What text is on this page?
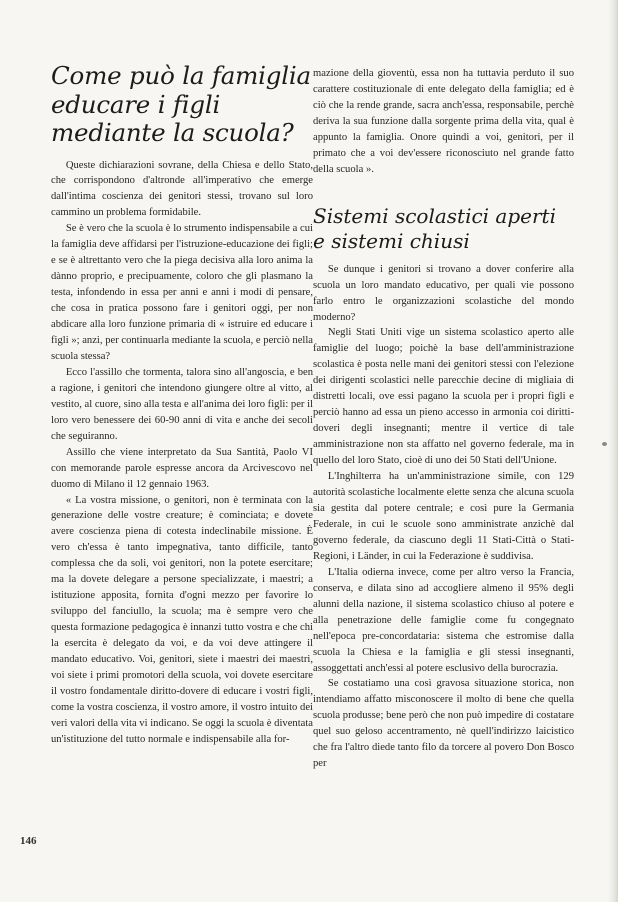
Come può la famiglia educare i figli mediante la scuola?

Queste dichiarazioni sovrane, della Chiesa e dello Stato, che corrispondono d'altronde all'imperativo che emerge dall'intima coscienza dei genitori stessi, trovano sul loro cammino un problema formidabile.

Se è vero che la scuola è lo strumento indispensabile a cui la famiglia deve affidarsi per l'istruzione-educazione dei figli; e se è altrettanto vero che la piega decisiva alla loro anima la dànno proprio, e precipuamente, coloro che gli plasmano la testa, infondendo in essa per anni e anni i modi di pensare, che cosa in pratica possono fare i genitori oggi, per non abdicare alla loro funzione primaria di « istruire ed educare i figli »; anzi, per continuarla mediante la scuola, e perciò nella scuola stessa?

Ecco l'assillo che tormenta, talora sino all'angoscia, e ben a ragione, i genitori che intendono giungere oltre al vitto, al vestito, al cuore, sino alla testa e all'anima dei loro figli: per il loro vero benessere dei 60-90 anni di vita e anche dei secoli che seguiranno.

Assillo che viene interpretato da Sua Santità, Paolo VI con memorande parole espresse ancora da Arcivescovo nel duomo di Milano il 12 gennaio 1963.

« La vostra missione, o genitori, non è terminata con la generazione delle vostre creature; è cominciata; e dovete avere coscienza piena di cotesta indeclinabile missione. È vero ch'essa è tanto impegnativa, tanto difficile, tanto complessa che da soli, voi genitori, non la potete esercitare; ma la dovete delegare a persone specializzate, i maestri; a istituzione apposita, fornita d'ogni mezzo per favorire lo sviluppo del fanciullo, la scuola; ma è sempre vero che questa formazione pedagogica è innanzi tutto vostra e che chi la esercita è delegato da voi, e da voi deve attingere il mandato educativo. Voi, genitori, siete i maestri dei maestri, voi siete i primi promotori della scuola, voi dovete esercitare il vostro fondamentale diritto-dovere di educare i vostri figli, come la vostra coscienza, il vostro amore, il vostro intuito dei veri valori della vita vi indicano. Se oggi la scuola è diventata un'istituzione del tutto normale e indispensabile alla for-

mazione della gioventù, essa non ha tuttavia perduto il suo carattere costituzionale di ente delegato della famiglia; ed è ciò che la rende grande, sacra anch'essa, responsabile, perchè deriva la sua funzione dalla sorgente prima della vita, qual è appunto la famiglia. Onore quindi a voi, genitori, per il primato che a voi dev'essere riconosciuto nel grande fatto della scuola ».

Sistemi scolastici aperti e sistemi chiusi

Se dunque i genitori si trovano a dover conferire alla scuola un loro mandato educativo, per quali vie possono farlo entro le organizzazioni scolastiche del mondo moderno?

Negli Stati Uniti vige un sistema scolastico aperto alle famiglie del luogo; poichè la base dell'amministrazione scolastica è posta nelle mani dei genitori stessi con l'elezione dei dirigenti scolastici nelle parecchie decine di migliaia di distretti locali, ove essi pagano la scuola per i propri figli e perciò hanno ad essa un pieno accesso in armonia coi diritti-doveri degli insegnanti; mentre il vertice di tale amministrazione non sta affatto nel governo federale, ma in quello del loro Stato, cioè di uno dei 50 Stati dell'Unione.

L'Inghilterra ha un'amministrazione simile, con 129 autorità scolastiche localmente elette senza che alcuna scuola sia gestita dal potere centrale; e così pure la Germania Federale, in cui le scuole sono amministrate anzichè dal governo federale, da ciascuno degli 11 Stati-Città o Stati-Regioni, i Länder, in cui la Federazione è suddivisa.

L'Italia odierna invece, come per altro verso la Francia, conserva, e dilata sino ad accogliere almeno il 95% degli alunni della nazione, il sistema scolastico chiuso al potere e alla penetrazione delle famiglie come fu congegnato nell'epoca pre-concordataria: sistema che estromise dalla scuola la Chiesa e la famiglia e gli stessi insegnanti, assoggettati anch'essi al potere esclusivo della burocrazia.

Se costatiamo una così gravosa situazione storica, non intendiamo affatto misconoscere il molto di bene che quella scuola produsse; bene però che non può impedire di costatare quel suo geloso accentramento, nè quell'indirizzo laicistico che fra l'altro diede tanto filo da torcere al povero Don Bosco per

146
